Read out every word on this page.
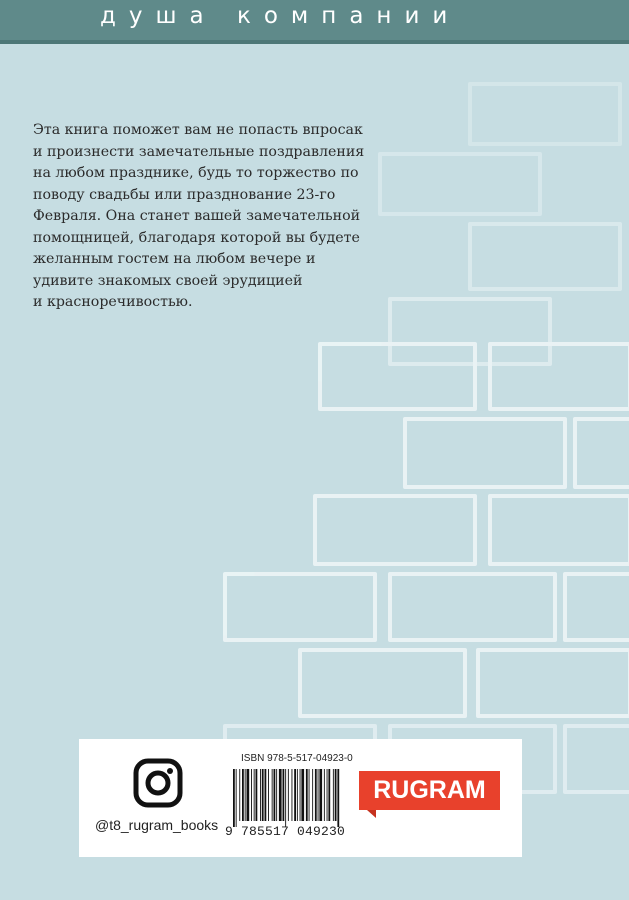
душа компании
Эта книга поможет вам не попасть впросак
и произнести замечательные поздравления
на любом празднике, будь то торжество по
поводу свадьбы или празднование 23-го
Февраля. Она станет вашей замечательной
помощницей, благодаря которой вы будете
желанным гостем на любом вечере и
удивите знакомых своей эрудицией
и красноречивостью.
@t8_rugram_books
ISBN 978-5-517-04923-0
9 785517 049230
RUGRAM
